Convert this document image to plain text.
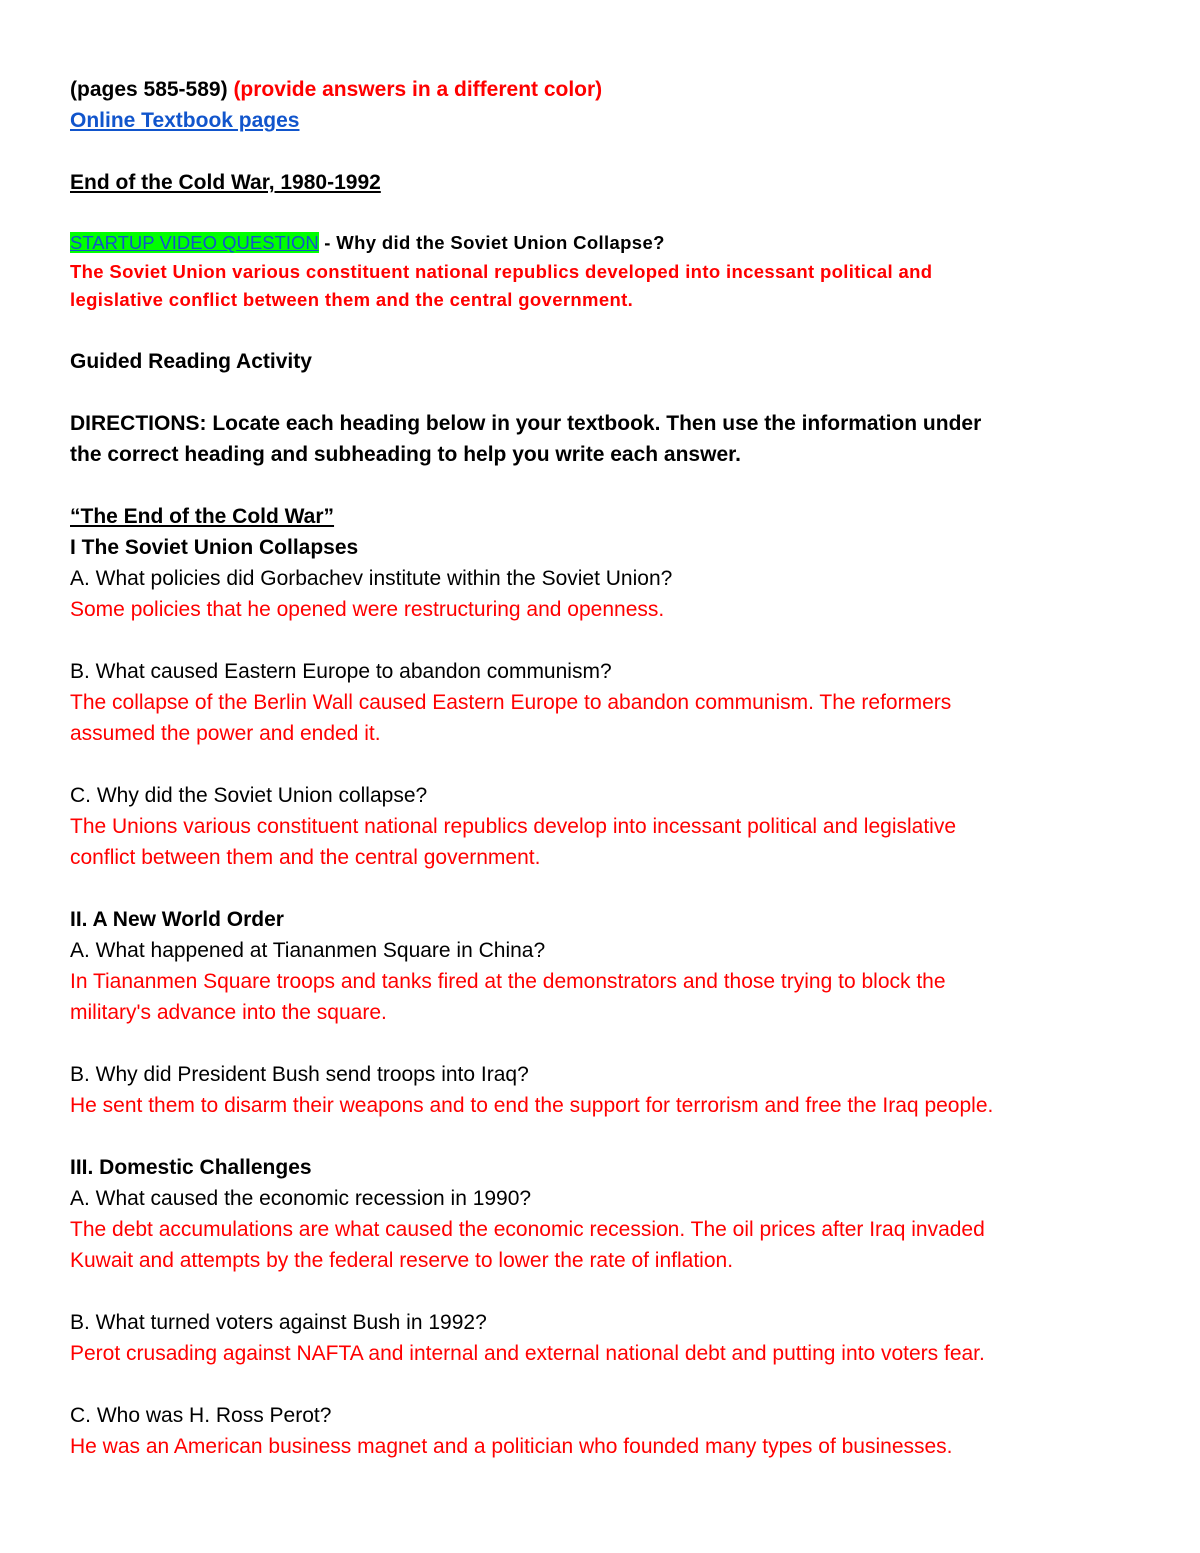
(pages 585-589) (provide answers in a different color)
Online Textbook pages
End of the Cold War, 1980-1992
STARTUP VIDEO QUESTION - Why did the Soviet Union Collapse?
The Soviet Union various constituent national republics developed into incessant political and
legislative conflict between them and the central government.
Guided Reading Activity
DIRECTIONS: Locate each heading below in your textbook. Then use the information under
the correct heading and subheading to help you write each answer.
“The End of the Cold War”
I The Soviet Union Collapses
A. What policies did Gorbachev institute within the Soviet Union?
Some policies that he opened were restructuring and openness.
B. What caused Eastern Europe to abandon communism?
The collapse of the Berlin Wall caused Eastern Europe to abandon communism. The reformers
assumed the power and ended it.
C. Why did the Soviet Union collapse?
The Unions various constituent national republics develop into incessant political and legislative
conflict between them and the central government.
II. A New World Order
A. What happened at Tiananmen Square in China?
In Tiananmen Square troops and tanks fired at the demonstrators and those trying to block the
military's advance into the square.
B. Why did President Bush send troops into Iraq?
He sent them to disarm their weapons and to end the support for terrorism and free the Iraq people.
III. Domestic Challenges
A. What caused the economic recession in 1990?
The debt accumulations are what caused the economic recession. The oil prices after Iraq invaded
Kuwait and attempts by the federal reserve to lower the rate of inflation.
B. What turned voters against Bush in 1992?
Perot crusading against NAFTA and internal and external national debt and putting into voters fear.
C. Who was H. Ross Perot?
He was an American business magnet and a politician who founded many types of businesses.
